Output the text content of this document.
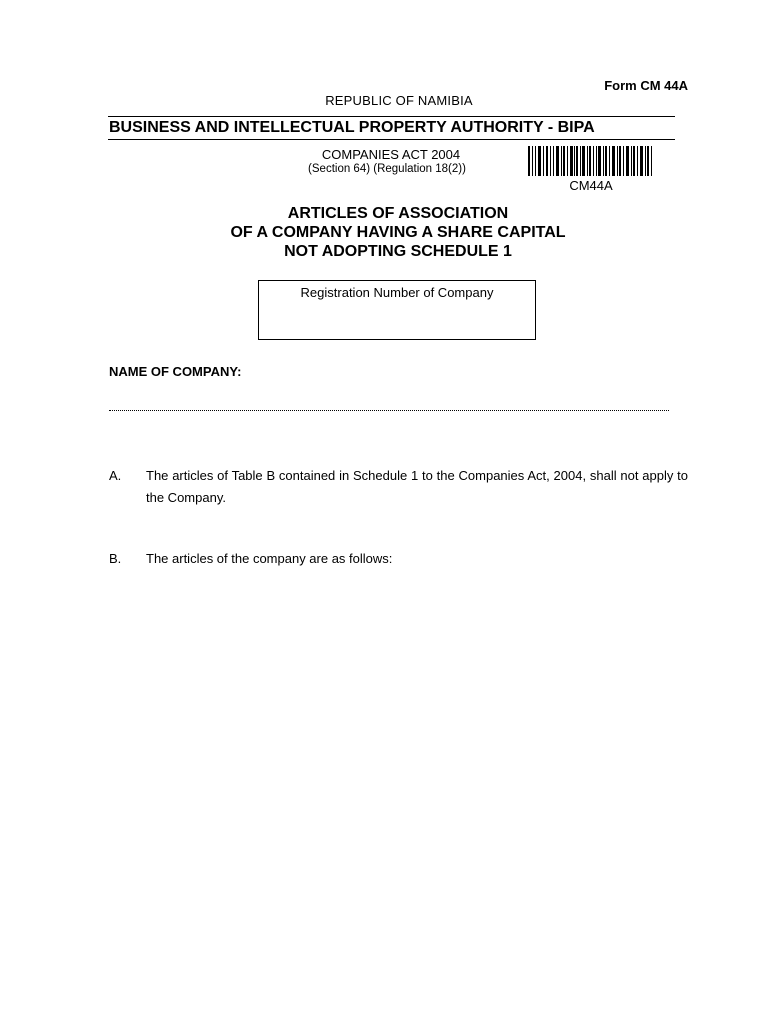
Form CM 44A
REPUBLIC OF NAMIBIA
BUSINESS AND INTELLECTUAL PROPERTY AUTHORITY - BIPA
COMPANIES ACT 2004
(Section 64) (Regulation 18(2))
CM44A
ARTICLES OF ASSOCIATION
OF A COMPANY HAVING A SHARE CAPITAL
NOT ADOPTING SCHEDULE 1
Registration Number of Company
NAME OF COMPANY:
A. The articles of Table B contained in Schedule 1 to the Companies Act, 2004, shall not apply to the Company.
B. The articles of the company are as follows:
